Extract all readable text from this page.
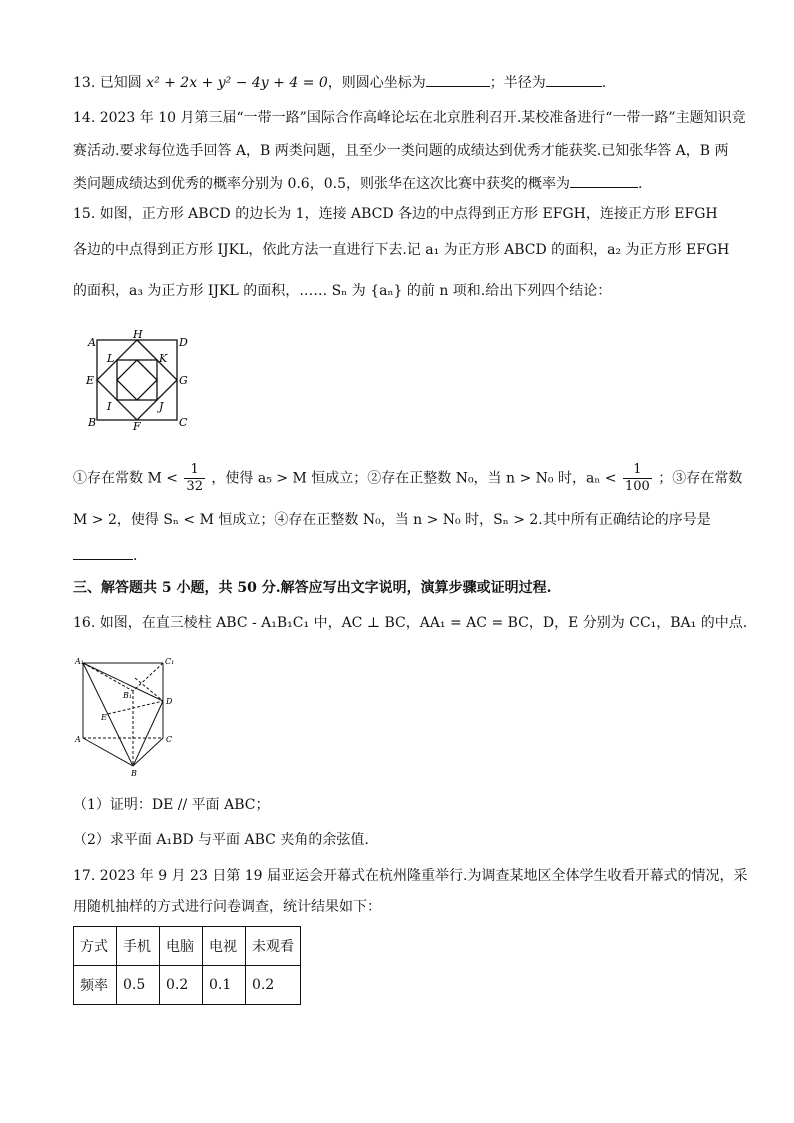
13. 已知圆 x² + 2x + y² − 4y + 4 = 0，则圆心坐标为	；半径为	.
14. 2023 年 10 月第三届“一带一路”国际合作高峰论坛在北京胜利召开.某校准备进行“一带一路”主题知识竞
赛活动.要求每位选手回答 A，B 两类问题，且至少一类问题的成绩达到优秀才能获奖.已知张华答 A，B 两
类问题成绩达到优秀的概率分别为 0.6，0.5，则张华在这次比赛中获奖的概率为	.
15. 如图，正方形 ABCD 的边长为 1，连接 ABCD 各边的中点得到正方形 EFGH，连接正方形 EFGH
各边的中点得到正方形 IJKL，依此方法一直进行下去.记 a₁ 为正方形 ABCD 的面积，a₂ 为正方形 EFGH
的面积，a₃ 为正方形 IJKL 的面积，…… Sₙ 为 {aₙ} 的前 n 项和.给出下列四个结论：
A
H
D
L	K
E	G
I	J
B	F	C
①存在常数 $M < \frac{1}{32}$ ，使得 a₅ > M 恒成立；②存在正整数 N₀，当 n > N₀ 时，$a_n < \frac{1}{100}$ ；③存在常数
M > 2，使得 Sₙ < M 恒成立；④存在正整数 N₀，当 n > N₀ 时，Sₙ > 2.其中所有正确结论的序号是
.
三、解答题共 5 小题，共 50 分.解答应写出文字说明，演算步骤或证明过程.
16. 如图，在直三棱柱 ABC - A₁B₁C₁ 中，AC ⊥ BC，AA₁ = AC = BC，D，E 分别为 CC₁，BA₁ 的中点.
A₁	C₁
B₁
D
E
A	C
B
（1）证明：DE // 平面 ABC；
（2）求平面 A₁BD 与平面 ABC 夹角的余弦值.
17. 2023 年 9 月 23 日第 19 届亚运会开幕式在杭州隆重举行.为调查某地区全体学生收看开幕式的情况，采
用随机抽样的方式进行问卷调查，统计结果如下：
方式	手机	电脑	电视	未观看
频率	0.5	0.2	0.1	0.2
